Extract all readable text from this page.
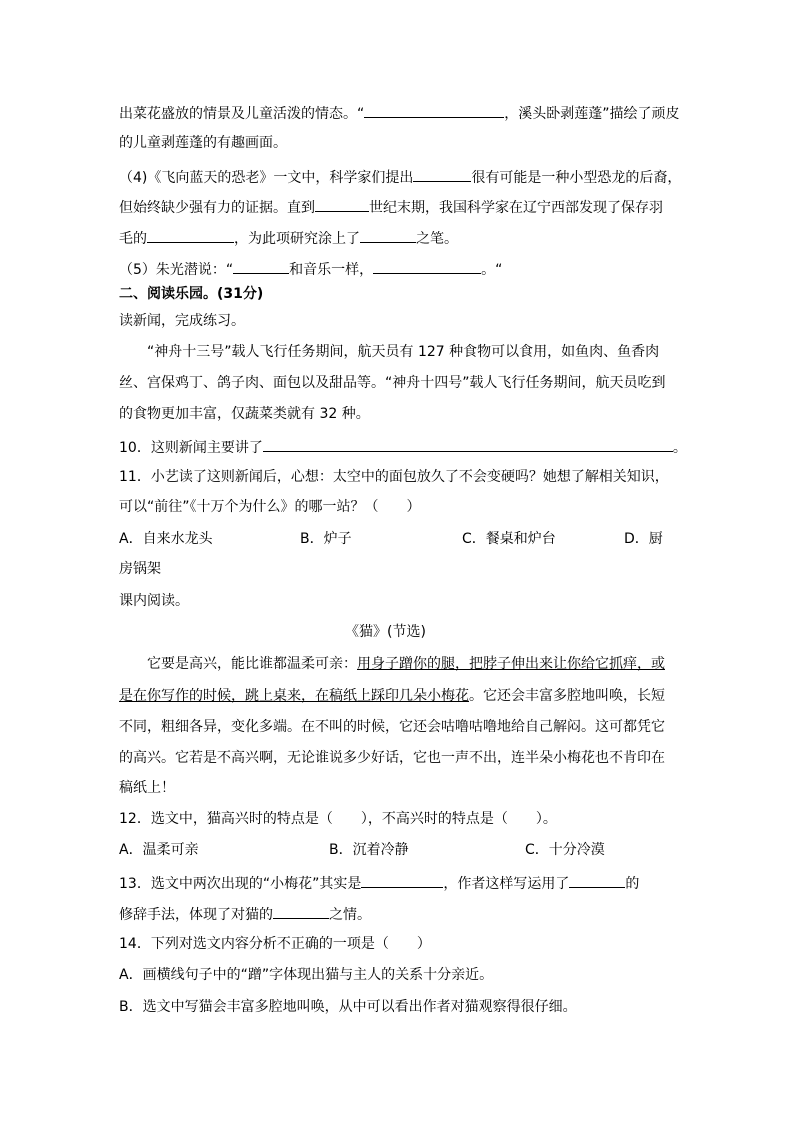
出菜花盛放的情景及儿童活泼的情态。“	，溪头卧剥莲蓬”描绘了顽皮
的儿童剥莲蓬的有趣画面。
（4)《飞向蓝天的恐老》一文中，科学家们提出	很有可能是一种小型恐龙的后裔，
但始终缺少强有力的证据。直到	世纪末期，我国科学家在辽宁西部发现了保存羽
毛的	，为此项研究涂上了	之笔。
（5）朱光潜说：“	和音乐一样，	。“
二、阅读乐园。(31分)
读新闻，完成练习。
“神舟十三号”载人飞行任务期间，航天员有 127 种食物可以食用，如鱼肉、鱼香肉
丝、宫保鸡丁、鸽子肉、面包以及甜品等。“神舟十四号”载人飞行任务期间，航天员吃到
的食物更加丰富，仅蔬菜类就有 32 种。
10．这则新闻主要讲了	。
11．小艺读了这则新闻后，心想：太空中的面包放久了不会变硬吗？她想了解相关知识，
可以“前往”《十万个为什么》的哪一站？（　　）
A．自来水龙头	B．炉子	C．餐桌和炉台	D．厨
房锅架
课内阅读。
《猫》(节选)
它要是高兴，能比谁都温柔可亲：用身子蹭你的腿，把脖子伸出来让你给它抓痒，或
是在你写作的时候，跳上桌来，在稿纸上踩印几朵小梅花。它还会丰富多腔地叫唤，长短
不同，粗细各异，变化多端。在不叫的时候，它还会咕噜咕噜地给自己解闷。这可都凭它
的高兴。它若是不高兴啊，无论谁说多少好话，它也一声不出，连半朵小梅花也不肯印在
稿纸上！
12．选文中，猫高兴时的特点是（　　），不高兴时的特点是（　　）。
A．温柔可亲	B．沉着冷静	C．十分冷漠
13．选文中两次出现的“小梅花”其实是	，作者这样写运用了	的
修辞手法，体现了对猫的	之情。
14．下列对选文内容分析不正确的一项是（　　）
A．画横线句子中的“蹭”字体现出猫与主人的关系十分亲近。
B．选文中写猫会丰富多腔地叫唤，从中可以看出作者对猫观察得很仔细。
